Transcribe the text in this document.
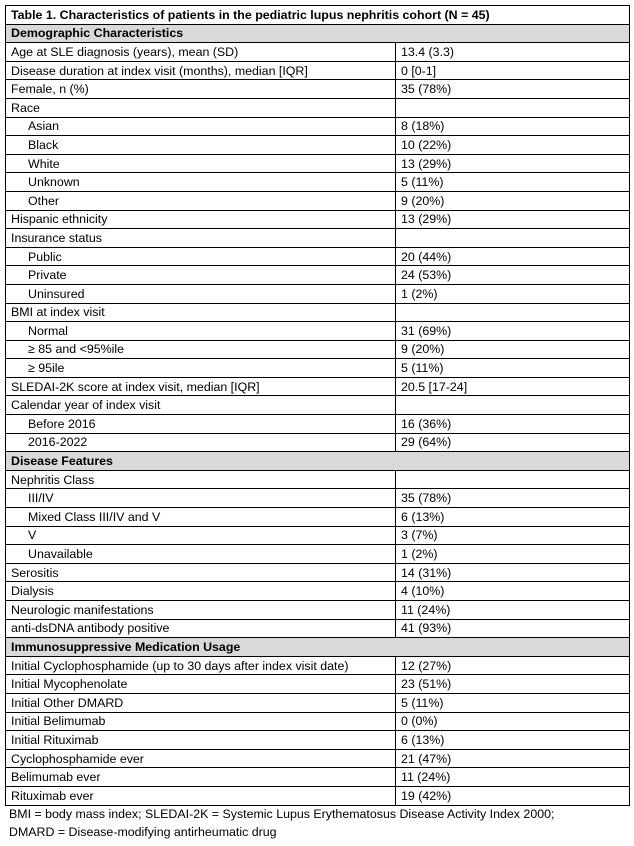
Table 1. Characteristics of patients in the pediatric lupus nephritis cohort (N = 45)	
Demographic Characteristics	
Age at SLE diagnosis (years), mean (SD)	13.4 (3.3)
Disease duration at index visit (months), median [IQR]	0 [0-1]
Female, n (%)	35 (78%)
Race	
Asian	8 (18%)
Black	10 (22%)
White	13 (29%)
Unknown	5 (11%)
Other	9 (20%)
Hispanic ethnicity	13 (29%)
Insurance status	
Public	20 (44%)
Private	24 (53%)
Uninsured	1 (2%)
BMI at index visit	
Normal	31 (69%)
≥ 85 and <95%ile	9 (20%)
≥ 95ile	5 (11%)
SLEDAI-2K score at index visit, median [IQR]	20.5 [17-24]
Calendar year of index visit	
Before 2016	16 (36%)
2016-2022	29 (64%)
Disease Features	
Nephritis Class	
III/IV	35 (78%)
Mixed Class III/IV and V	6 (13%)
V	3 (7%)
Unavailable	1 (2%)
Serositis	14 (31%)
Dialysis	4 (10%)
Neurologic manifestations	11 (24%)
anti-dsDNA antibody positive	41 (93%)
Immunosuppressive Medication Usage	
Initial Cyclophosphamide (up to 30 days after index visit date)	12 (27%)
Initial Mycophenolate	23 (51%)
Initial Other DMARD	5 (11%)
Initial Belimumab	0 (0%)
Initial Rituximab	6 (13%)
Cyclophosphamide ever	21 (47%)
Belimumab ever	11 (24%)
Rituximab ever	19 (42%)
BMI = body mass index; SLEDAI-2K = Systemic Lupus Erythematosus Disease Activity Index 2000;
DMARD = Disease-modifying antirheumatic drug
